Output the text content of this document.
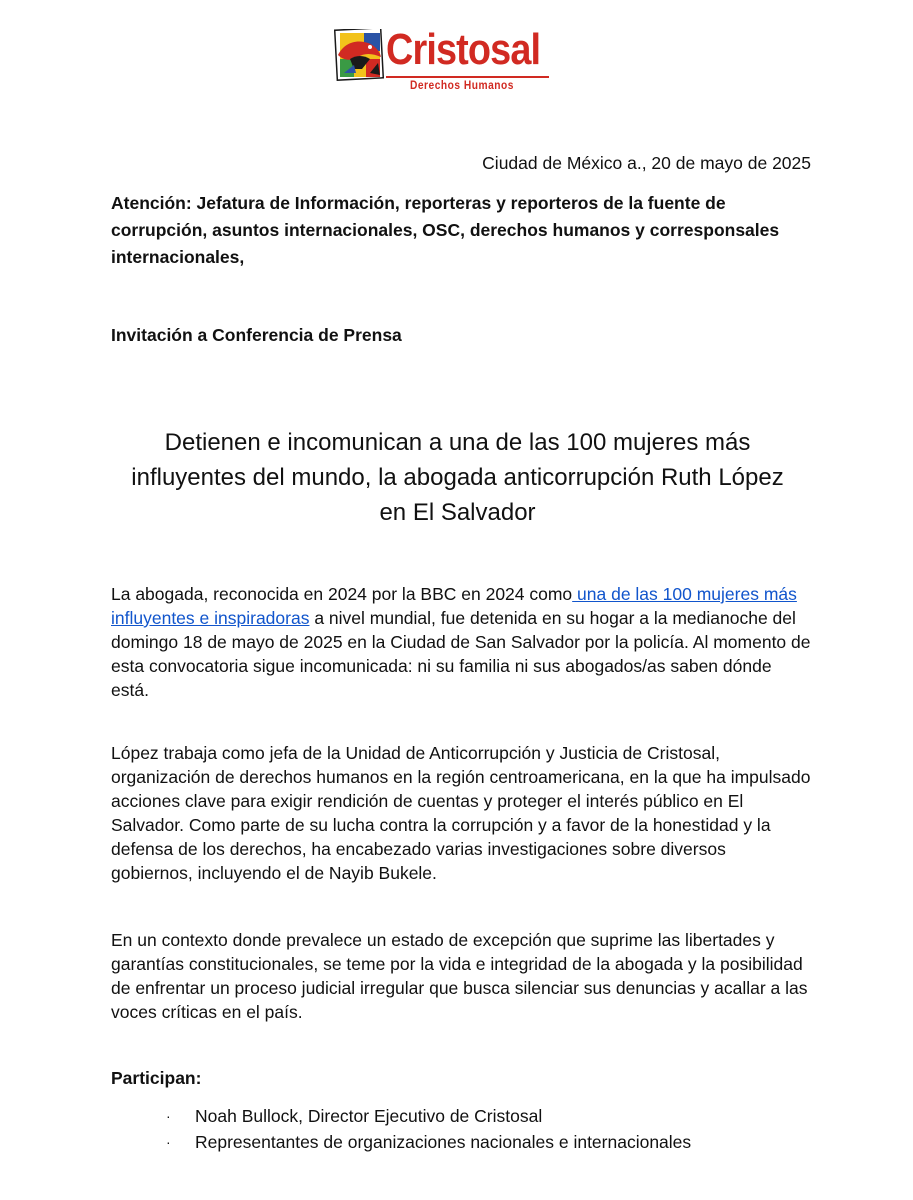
Cristosal
Derechos Humanos
Ciudad de México a., 20 de mayo de 2025
Atención: Jefatura de Información, reporteras y reporteros de la fuente de corrupción, asuntos internacionales, OSC, derechos humanos y corresponsales internacionales,
Invitación a Conferencia de Prensa
Detienen e incomunican a una de las 100 mujeres más
influyentes del mundo, la abogada anticorrupción Ruth López
en El Salvador
La abogada, reconocida en 2024 por la BBC en 2024 como una de las 100 mujeres más influyentes e inspiradoras a nivel mundial, fue detenida en su hogar a la medianoche del domingo 18 de mayo de 2025 en la Ciudad de San Salvador por la policía. Al momento de esta convocatoria sigue incomunicada: ni su familia ni sus abogados/as saben dónde está.
López trabaja como jefa de la Unidad de Anticorrupción y Justicia de Cristosal, organización de derechos humanos en la región centroamericana, en la que ha impulsado acciones clave para exigir rendición de cuentas y proteger el interés público en El Salvador. Como parte de su lucha contra la corrupción y a favor de la honestidad y la defensa de los derechos, ha encabezado varias investigaciones sobre diversos gobiernos, incluyendo el de Nayib Bukele.
En un contexto donde prevalece un estado de excepción que suprime las libertades y garantías constitucionales, se teme por la vida e integridad de la abogada y la posibilidad de enfrentar un proceso judicial irregular que busca silenciar sus denuncias y acallar a las voces críticas en el país.
Participan:
· Noah Bullock, Director Ejecutivo de Cristosal
· Representantes de organizaciones nacionales e internacionales
